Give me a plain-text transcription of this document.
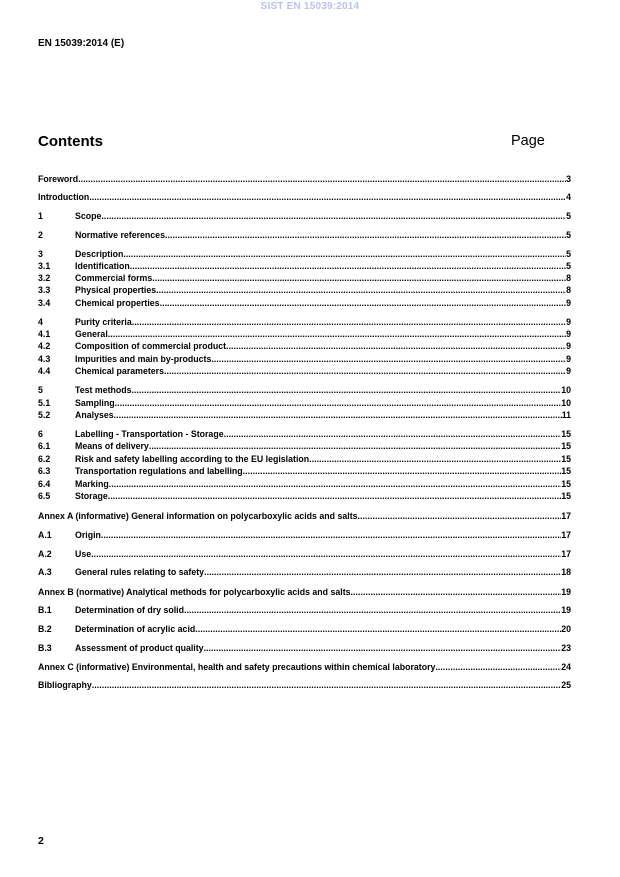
SIST EN 15039:2014
EN 15039:2014 (E)
Contents	Page
Foreword .....	3
Introduction .....	4
1	Scope .....	5
2	Normative references .....	5
3	Description .....	5
3.1	Identification .....	5
3.2	Commercial forms .....	8
3.3	Physical properties .....	8
3.4	Chemical properties .....	9
4	Purity criteria .....	9
4.1	General .....	9
4.2	Composition of commercial product .....	9
4.3	Impurities and main by-products .....	9
4.4	Chemical parameters .....	9
5	Test methods .....	10
5.1	Sampling .....	10
5.2	Analyses .....	11
6	Labelling - Transportation - Storage .....	15
6.1	Means of delivery .....	15
6.2	Risk and safety labelling according to the EU legislation .....	15
6.3	Transportation regulations and labelling .....	15
6.4	Marking .....	15
6.5	Storage .....	15
Annex A (informative) General information on polycarboxylic acids and salts .....	17
A.1	Origin .....	17
A.2	Use .....	17
A.3	General rules relating to safety .....	18
Annex B (normative) Analytical methods for polycarboxylic acids and salts .....	19
B.1	Determination of dry solid .....	19
B.2	Determination of acrylic acid .....	20
B.3	Assessment of product quality .....	23
Annex C (informative) Environmental, health and safety precautions within chemical laboratory .....	24
Bibliography .....	25
2
